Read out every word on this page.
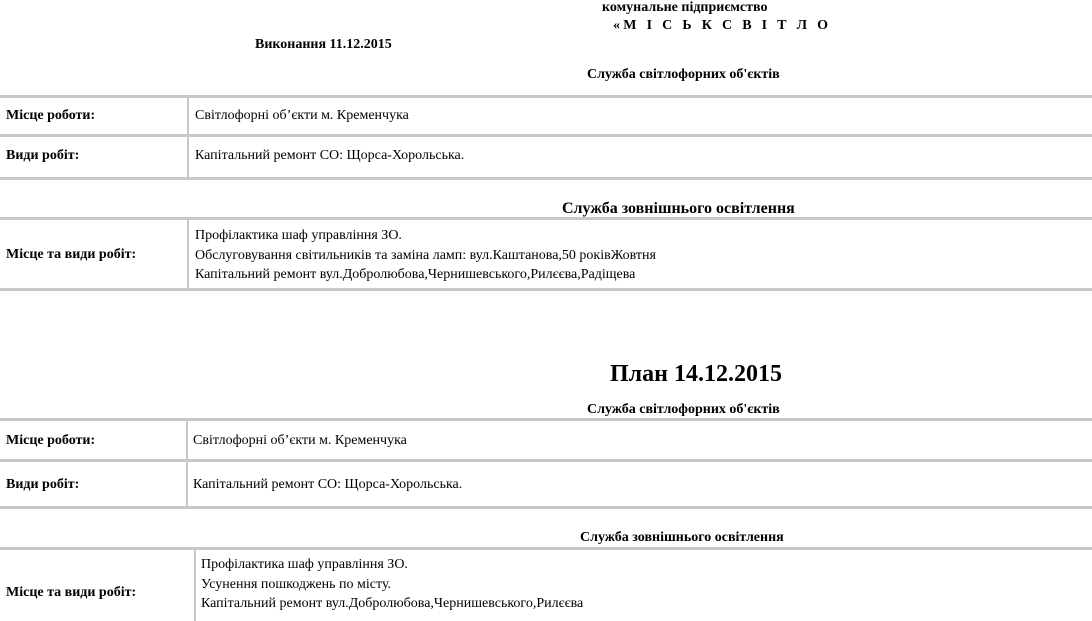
комунальне підприємство
«М І С Ь К С В І Т Л О
Виконання 11.12.2015
Служба світлофорних об'єктів
Місце роботи:	Світлофорні об’єкти м. Кременчука
Види робіт:	Капітальний ремонт СО: Щорса-Хорольська.
Служба зовнішнього освітлення
Місце та види робіт:
Профілактика шаф управління ЗО.
Обслуговування світильників та заміна ламп: вул.Каштанова,50 роківЖовтня
Капітальний ремонт вул.Добролюбова,Чернишевського,Рилєєва,Радіщева
План 14.12.2015
Служба світлофорних об'єктів
Місце роботи:	Світлофорні об’єкти м. Кременчука
Види робіт:	Капітальний ремонт СО: Щорса-Хорольська.
Служба зовнішнього освітлення
Місце та види робіт:
Профілактика шаф управління ЗО.
Усунення пошкоджень по місту.
Капітальний ремонт вул.Добролюбова,Чернишевського,Рилєєва
